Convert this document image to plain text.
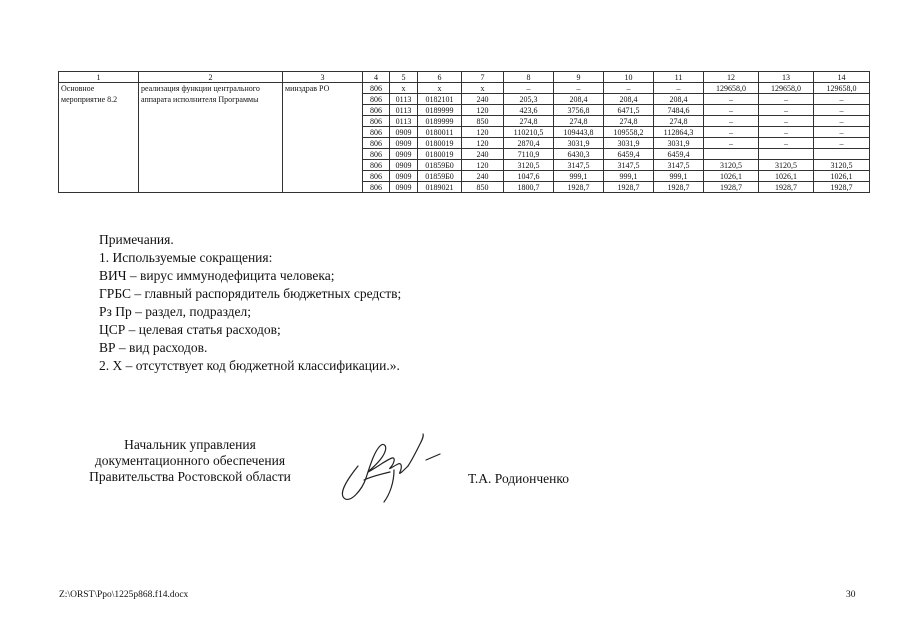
1	2	3	4	5	6	7	8	9	10	11	12	13	14
Основное мероприятие 8.2	реализация функции центрального аппарата исполнителя Программы	минздрав РО	806	х	х	х	–	–	–	–	129658,0	129658,0	129658,0
			806	0113	0182101	240	205,3	208,4	208,4	208,4	–	–	–
			806	0113	0189999	120	423,6	3756,8	6471,5	7484,6	–	–	–
			806	0113	0189999	850	274,8	274,8	274,8	274,8	–	–	–
			806	0909	0180011	120	110210,5	109443,8	109558,2	112864,3	–	–	–
			806	0909	0180019	120	2870,4	3031,9	3031,9	3031,9	–	–	–
			806	0909	0180019	240	7110,9	6430,3	6459,4	6459,4			
			806	0909	01859Б0	120	3120,5	3147,5	3147,5	3147,5	3120,5	3120,5	3120,5
			806	0909	01859Б0	240	1047,6	999,1	999,1	999,1	1026,1	1026,1	1026,1
			806	0909	0189021	850	1800,7	1928,7	1928,7	1928,7	1928,7	1928,7	1928,7
Примечания.
1. Используемые сокращения:
ВИЧ – вирус иммунодефицита человека;
ГРБС – главный распорядитель бюджетных средств;
Рз Пр – раздел, подраздел;
ЦСР – целевая статья расходов;
ВР – вид расходов.
2. Х – отсутствует код бюджетной классификации.».
Начальник управления
документационного обеспечения
Правительства Ростовской области	Т.А. Родионченко
Z:\ORST\Ppo\1225p868.f14.docx	30
